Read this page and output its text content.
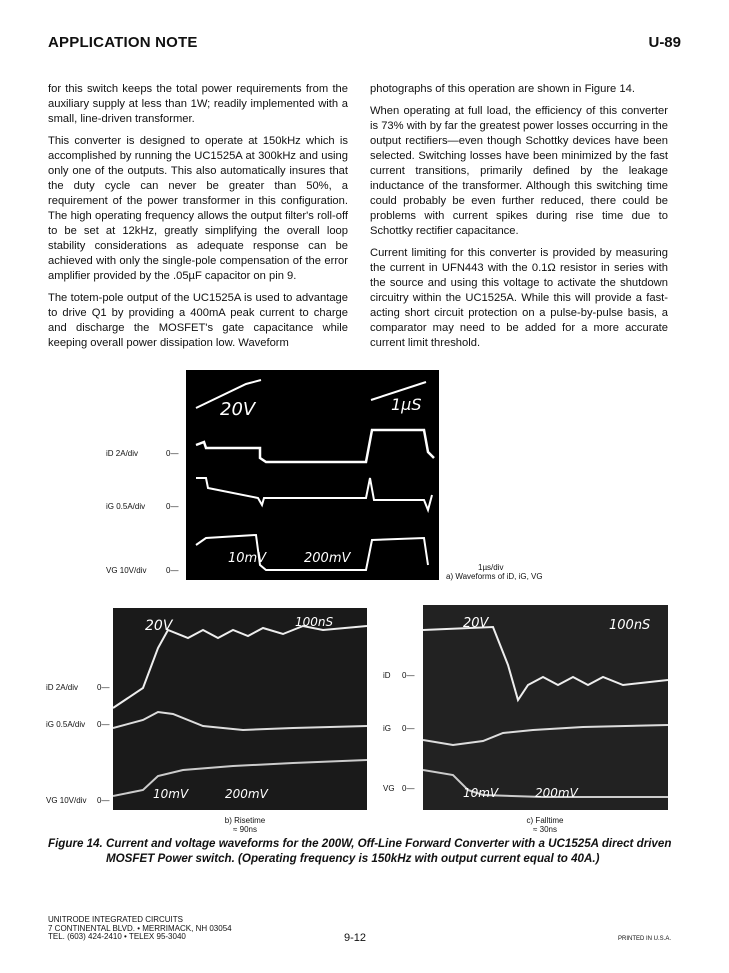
APPLICATION NOTE	U-89

for this switch keeps the total power requirements from the auxiliary supply at less than 1W; readily implemented with a small, line-driven transformer.

This converter is designed to operate at 150kHz which is accomplished by running the UC1525A at 300kHz and using only one of the outputs. This also automatically insures that the duty cycle can never be greater than 50%, a requirement of the power transformer in this configuration. The high operating frequency allows the output filter's roll-off to be set at 12kHz, greatly simplifying the overall loop stability considerations as adequate response can be achieved with only the single-pole compensation of the error amplifier provided by the .05µF capacitor on pin 9.

The totem-pole output of the UC1525A is used to advantage to drive Q1 by providing a 400mA peak current to charge and discharge the MOSFET's gate capacitance while keeping overall power dissipation low. Waveform

photographs of this operation are shown in Figure 14.

When operating at full load, the efficiency of this converter is 73% with by far the greatest power losses occurring in the output rectifiers—even though Schottky devices have been selected. Switching losses have been minimized by the fast current transitions, primarily defined by the leakage inductance of the transformer. Although this switching time could probably be even further reduced, there could be problems with current spikes during rise time due to Schottky rectifier capacitance.

Current limiting for this converter is provided by measuring the current in UFN443 with the 0.1Ω resistor in series with the source and using this voltage to activate the shutdown circuitry within the UC1525A. While this will provide a fast-acting short circuit protection on a pulse-by-pulse basis, a comparator may need to be added for a more accurate current limit threshold.

iD 2A/div	0—
iG 0.5A/div	0—
VG 10V/div 0—
20V	1µS
10mV	200mV
1µs/div
a) Waveforms of iD, iG, VG
iD 2A/div 0—
iG 0.5A/div 0—
VG 10V/div 0—
20V	100nS
10mV	200mV
b) Risetime
≈ 90ns
iD 0—
iG 0—
VG 0—
20V	100nS
10mV	200mV
c) Falltime
≈ 30ns
Figure 14. Current and voltage waveforms for the 200W, Off-Line Forward Converter with a UC1525A direct driven
MOSFET Power switch. (Operating frequency is 150kHz with output current equal to 40A.)
UNITRODE INTEGRATED CIRCUITS
7 CONTINENTAL BLVD. • MERRIMACK, NH 03054
TEL. (603) 424-2410 • TELEX 95-3040	9-12	PRINTED IN U.S.A.
